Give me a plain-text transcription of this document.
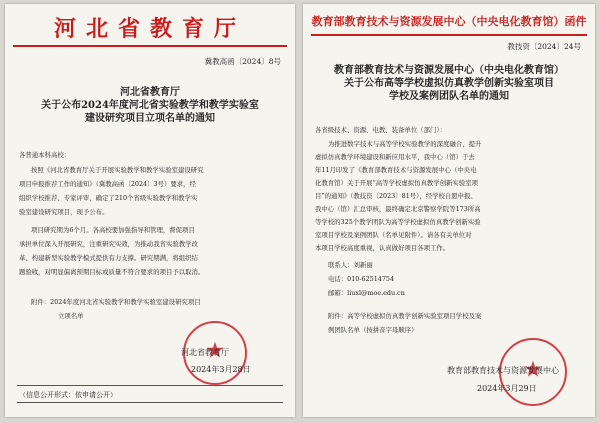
河北省教育厅
冀教高函〔2024〕8号
河北省教育厅
关于公布2024年度河北省实验教学和教学实验室
建设研究项目立项名单的通知
各普通本科高校：
按照《河北省教育厅关于开展实验教学和教学实验室建设研究
项目申报推荐工作的通知》（冀教高函〔2024〕3号）要求，经
组织学校推荐、专家评审，确定了210个省级实验教学和教学实
验室建设研究项目，现予公布。
项目研究期为6个月。各高校要加强指导和管理，督促项目
承担单位深入开展研究，注重研究实效，为推动我省实验教学改
革、构建新型实验教学模式提供有力支撑。研究期满，将组织结
题验收，对明显偏离预期目标或质量不符合要求的项目予以取消。
附件：2024年度河北省实验教学和教学实验室建设研究项目
立项名单
★
河北省教育厅
2024年3月28日
（信息公开形式：依申请公开）
教育部教育技术与资源发展中心（中央电化教育馆）函件
教技资〔2024〕24号
教育部教育技术与资源发展中心（中央电化教育馆）
关于公布高等学校虚拟仿真教学创新实验室项目
学校及案例团队名单的通知
各省级技术、资源、电教、装备单位（部门）：
为推进数字技术与高等学校实验教学的深度融合，提升
虚拟仿真教学环境建设和新应用水平，我中心（馆）于去
年11月印发了《教育部教育技术与资源发展中心（中央电
化教育馆）关于开展“高等学校虚拟仿真教学创新实验室项
目”的通知》（教技资〔2023〕81号），经学校自愿申报、
我中心（馆）汇总审核，最终确定北京警察学院等173所高
等学校的325个教学团队为高等学校虚拟仿真教学创新实验
室项目学校及案例团队（名单见附件）。请各有关单位对
本项目学校高度重视，认真做好项目各项工作。
联系人：刘新丽
电话：010-62514754
邮箱：liuxl@moe.edu.cn
附件：高等学校虚拟仿真教学创新实验室项目学校及案
例团队名单（按拼音字母顺序）
★
教育部教育技术与资源发展中心
2024年3月29日
